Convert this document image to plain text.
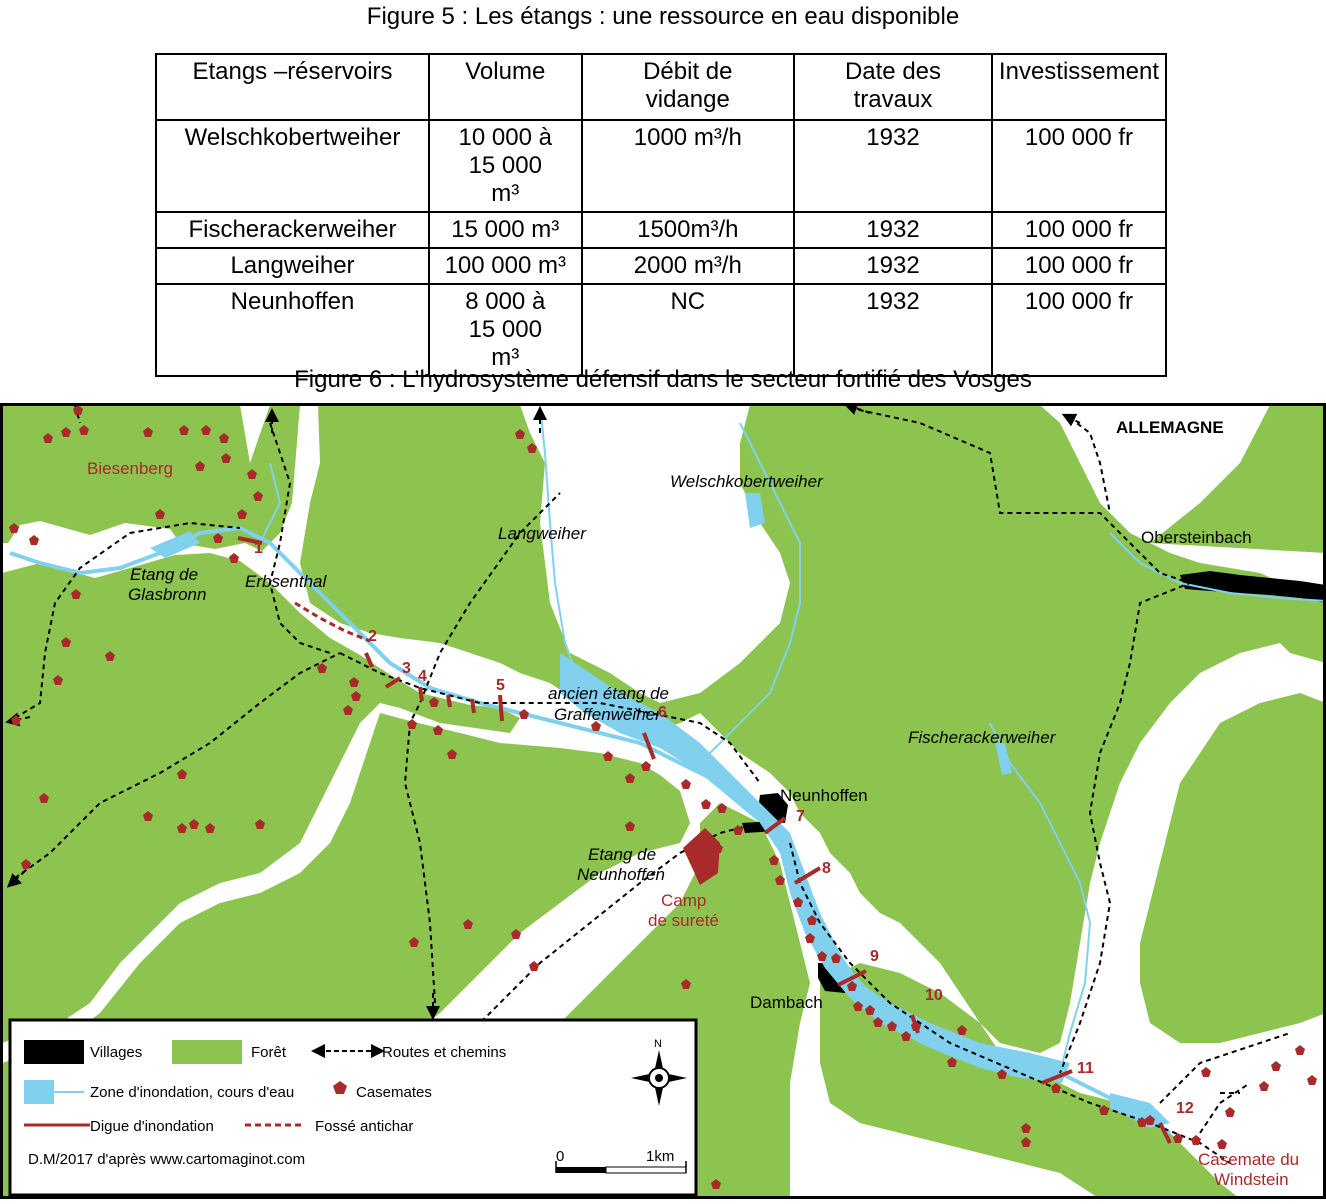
Figure 5 : Les étangs : une ressource en eau disponible
Etangs –réservoirs	Volume	Débit de vidange	Date des travaux	Investissement
Welschkobertweiher	10 000 à 15 000 m³	1000 m³/h	1932	100 000 fr
Fischerackerweiher	15 000 m³	1500m³/h	1932	100 000 fr
Langweiher	100 000 m³	2000 m³/h	1932	100 000 fr
Neunhoffen	8 000 à 15 000 m³	NC	1932	100 000 fr
Figure 6 : L’hydrosystème défensif dans le secteur fortifié des Vosges
Biesenberg
Etang de
Glasbronn
Erbsenthal
Langweiher
Welschkobertweiher
ALLEMAGNE
Obersteinbach
ancien étang de
Graffenweiher
Fischerackerweiher
Neunhoffen
Etang de
Neunhoffen
Camp
de sureté
Dambach
Casemate du
Windstein
1
2
3 4
5
6
7
8
9
10
11
12
Villages	Forêt	Routes et chemins
Zone d'inondation, cours d'eau	Casemates
Digue d'inondation	Fossé antichar
D.M/2017 d'après www.cartomaginot.com
N
0	1km
